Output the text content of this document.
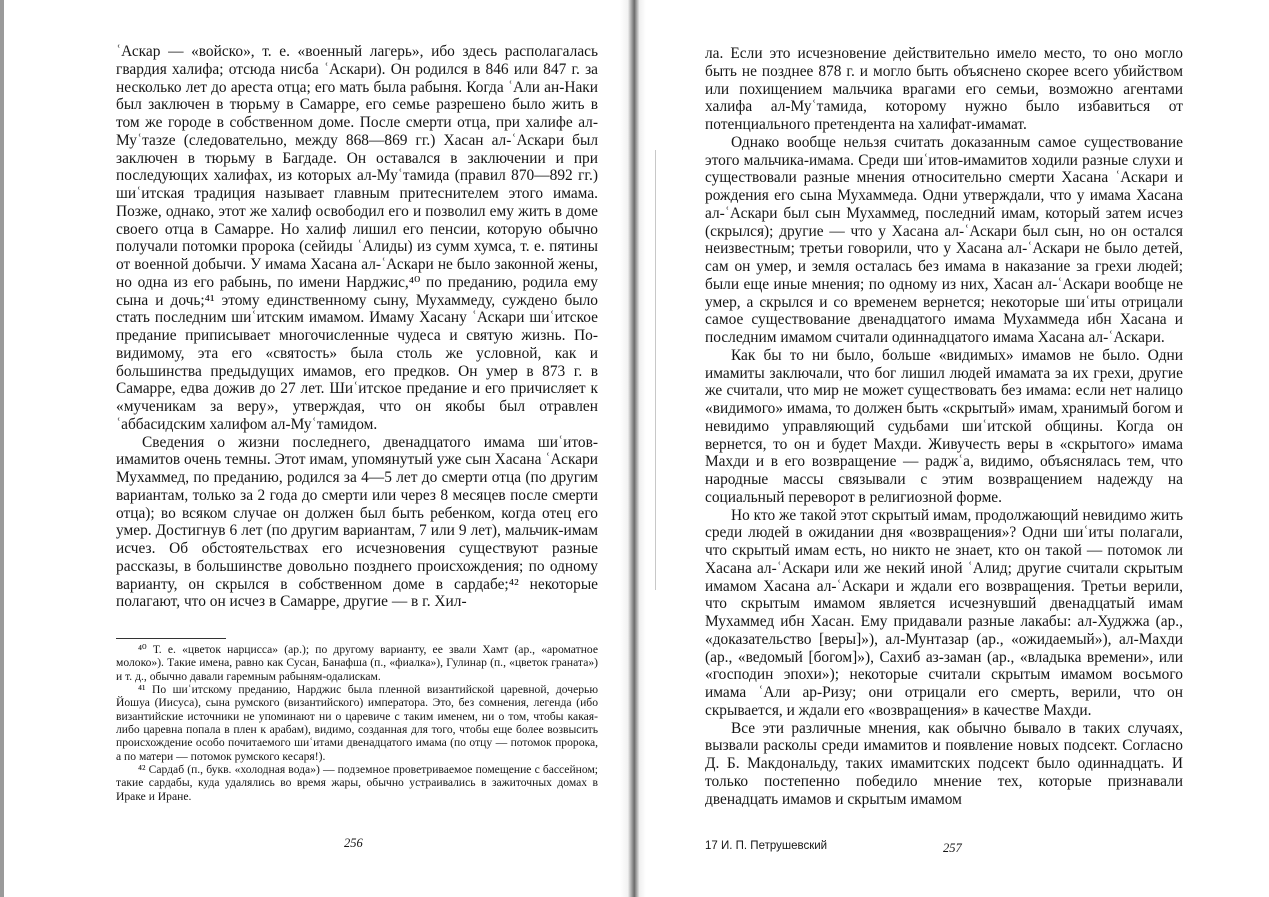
ʿАскар — «войско», т. е. «военный лагерь», ибо здесь располагалась гвардия халифа; отсюда нисба ʿАскари). Он родился в 846 или 847 г. за несколько лет до ареста отца; его мать была рабыня. Когда ʿАли ан-Наки был заключен в тюрьму в Самарре, его семье разрешено было жить в том же городе в собственном доме. После смерти отца, при халифе ал-Муʿтазze (следовательно, между 868—869 гг.) Хасан ал-ʿАскари был заключен в тюрьму в Багдаде. Он оставался в заключении и при последующих халифах, из которых ал-Муʿтамида (правил 870—892 гг.) шиʿитская традиция называет главным притеснителем этого имама. Позже, однако, этот же халиф освободил его и позволил ему жить в доме своего отца в Самарре. Но халиф лишил его пенсии, которую обычно получали потомки пророка (сейиды ʿАлиды) из сумм хумса, т. е. пятины от военной добычи. У имама Хасана ал-ʿАскари не было законной жены, но одна из его рабынь, по имени Нарджис,⁴⁰ по преданию, родила ему сына и дочь;⁴¹ этому единственному сыну, Мухаммеду, суждено было стать последним шиʿитским имамом. Имаму Хасану ʿАскари шиʿитское предание приписывает многочисленные чудеса и святую жизнь. По-видимому, эта его «святость» была столь же условной, как и большинства предыдущих имамов, его предков. Он умер в 873 г. в Самарре, едва дожив до 27 лет. Шиʿитское предание и его причисляет к «мученикам за веру», утверждая, что он якобы был отравлен ʿаббасидским халифом ал-Муʿтамидом.

Сведения о жизни последнего, двенадцатого имама шиʿитов-имамитов очень темны. Этот имам, упомянутый уже сын Хасана ʿАскари Мухаммед, по преданию, родился за 4—5 лет до смерти отца (по другим вариантам, только за 2 года до смерти или через 8 месяцев после смерти отца); во всяком случае он должен был быть ребенком, когда отец его умер. Достигнув 6 лет (по другим вариантам, 7 или 9 лет), мальчик-имам исчез. Об обстоятельствах его исчезновения существуют разные рассказы, в большинстве довольно позднего происхождения; по одному варианту, он скрылся в собственном доме в сардабе;⁴² некоторые полагают, что он исчез в Самарре, другие — в г. Хил-

⁴⁰ Т. е. «цветок нарцисса» (ар.); по другому варианту, ее звали Хамт (ар., «ароматное молоко»). Такие имена, равно как Сусан, Банафша (п., «фиалка»), Гулинар (п., «цветок граната») и т. д., обычно давали гаремным рабыням-одалискам.

⁴¹ По шиʿитскому преданию, Нарджис была пленной византийской царевной, дочерью Йошуа (Иисуса), сына румского (византийского) императора. Это, без сомнения, легенда (ибо византийские источники не упоминают ни о царевиче с таким именем, ни о том, чтобы какая-либо царевна попала в плен к арабам), видимо, созданная для того, чтобы еще более возвысить происхождение особо почитаемого шиʿитами двенадцатого имама (по отцу — потомок пророка, а по матери — потомок румского кесаря!).

⁴² Сардаб (п., букв. «холодная вода») — подземное проветриваемое помещение с бассейном; такие сардабы, куда удалялись во время жары, обычно устраивались в зажиточных домах в Ираке и Иране.

256

ла. Если это исчезновение действительно имело место, то оно могло быть не позднее 878 г. и могло быть объяснено скорее всего убийством или похищением мальчика врагами его семьи, возможно агентами халифа ал-Муʿтамида, которому нужно было избавиться от потенциального претендента на халифат-имамат.

Однако вообще нельзя считать доказанным самое существование этого мальчика-имама. Среди шиʿитов-имамитов ходили разные слухи и существовали разные мнения относительно смерти Хасана ʿАскари и рождения его сына Мухаммеда. Одни утверждали, что у имама Хасана ал-ʿАскари был сын Мухаммед, последний имам, который затем исчез (скрылся); другие — что у Хасана ал-ʿАскари был сын, но он остался неизвестным; третьи говорили, что у Хасана ал-ʿАскари не было детей, сам он умер, и земля осталась без имама в наказание за грехи людей; были еще иные мнения; по одному из них, Хасан ал-ʿАскари вообще не умер, а скрылся и со временем вернется; некоторые шиʿиты отрицали самое существование двенадцатого имама Мухаммеда ибн Хасана и последним имамом считали одиннадцатого имама Хасана ал-ʿАскари.

Как бы то ни было, больше «видимых» имамов не было. Одни имамиты заключали, что бог лишил людей имамата за их грехи, другие же считали, что мир не может существовать без имама: если нет налицо «видимого» имама, то должен быть «скрытый» имам, хранимый богом и невидимо управляющий судьбами шиʿитской общины. Когда он вернется, то он и будет Махди. Живучесть веры в «скрытого» имама Махди и в его возвращение — раджʿа, видимо, объяснялась тем, что народные массы связывали с этим возвращением надежду на социальный переворот в религиозной форме.

Но кто же такой этот скрытый имам, продолжающий невидимо жить среди людей в ожидании дня «возвращения»? Одни шиʿиты полагали, что скрытый имам есть, но никто не знает, кто он такой — потомок ли Хасана ал-ʿАскари или же некий иной ʿАлид; другие считали скрытым имамом Хасана ал-ʿАскари и ждали его возвращения. Третьи верили, что скрытым имамом является исчезнувший двенадцатый имам Мухаммед ибн Хасан. Ему придавали разные лакабы: ал-Худжжа (ар., «доказательство [веры]»), ал-Мунтазар (ар., «ожидаемый»), ал-Махди (ар., «ведомый [богом]»), Сахиб аз-заман (ар., «владыка времени», или «господин эпохи»); некоторые считали скрытым имамом восьмого имама ʿАли ар-Ризу; они отрицали его смерть, верили, что он скрывается, и ждали его «возвращения» в качестве Махди.

Все эти различные мнения, как обычно бывало в таких случаях, вызвали расколы среди имамитов и появление новых подсект. Согласно Д. Б. Макдональду, таких имамитских подсект было одиннадцать. И только постепенно победило мнение тех, которые признавали двенадцать имамов и скрытым имамом

17 И. П. Петрушевский	257
